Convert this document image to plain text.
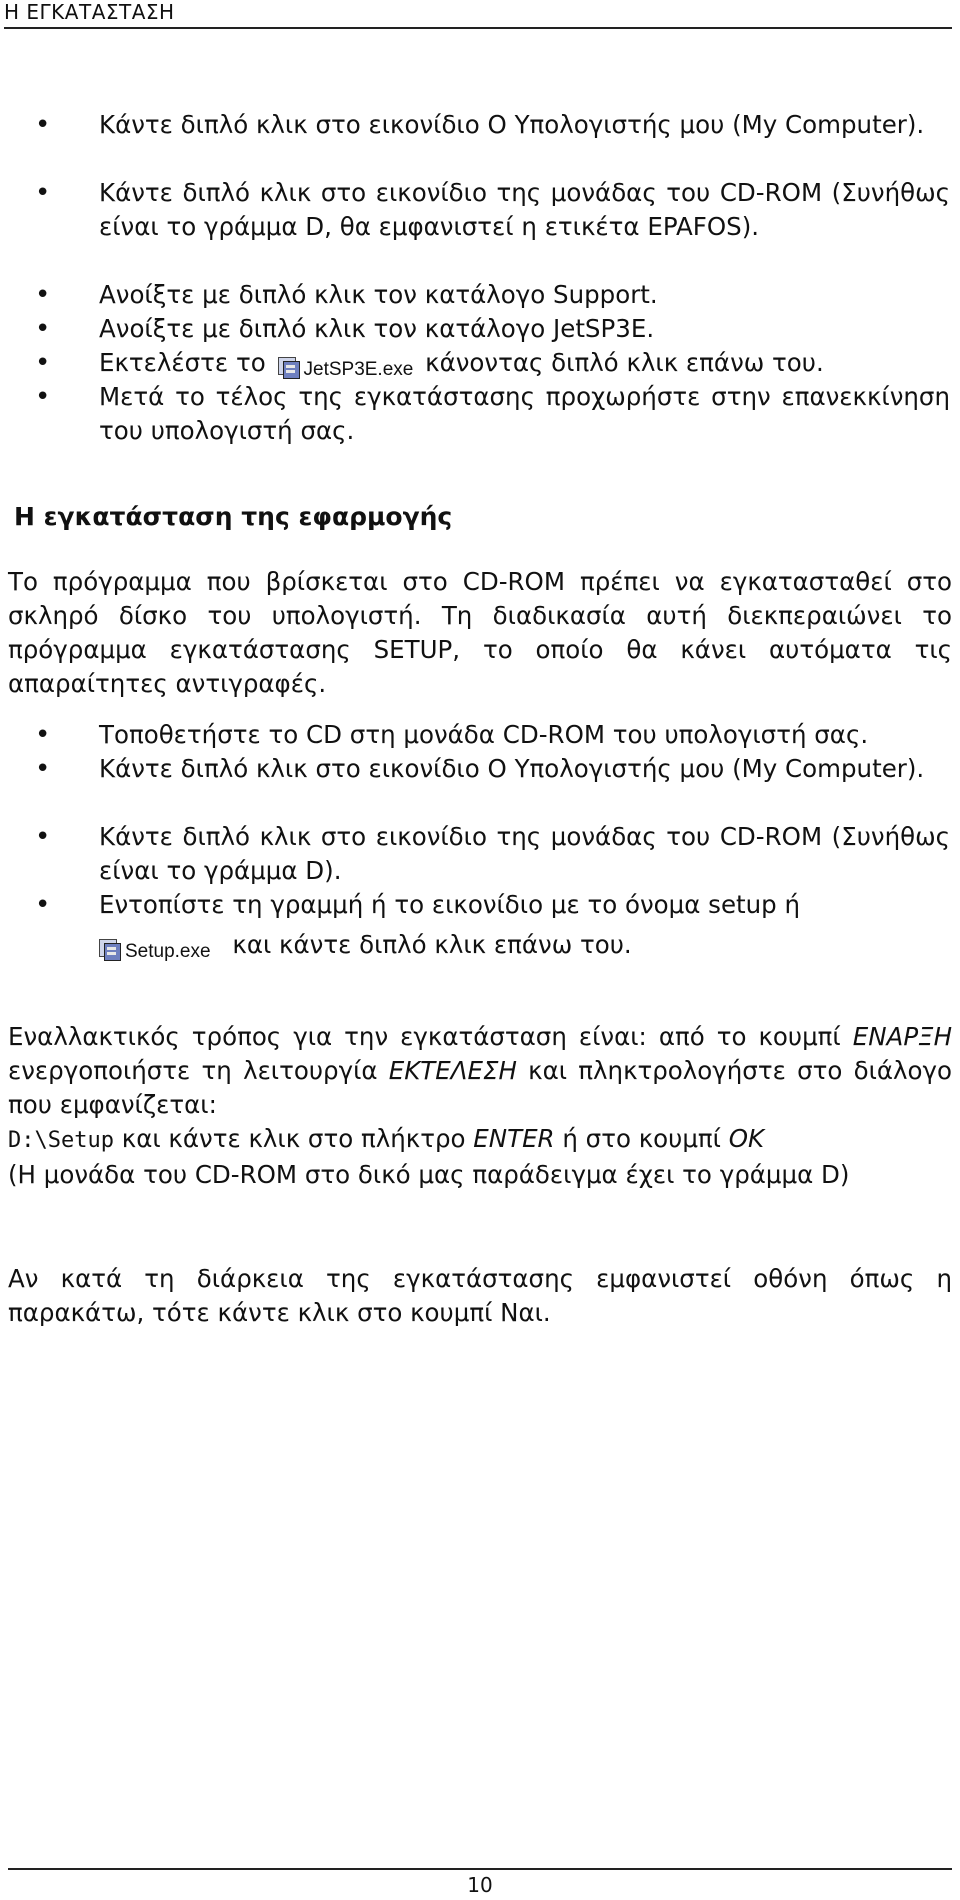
Η ΕΓΚΑΤΑΣΤΑΣΗ
• Κάντε διπλό κλικ στο εικονίδιο Ο Υπολογιστής μου (My Computer).
• Κάντε διπλό κλικ στο εικονίδιο της μονάδας του CD-ROM (Συνήθως είναι το γράμμα D, θα εμφανιστεί η ετικέτα EPAFOS).
• Ανοίξτε με διπλό κλικ τον κατάλογο Support.
• Ανοίξτε με διπλό κλικ τον κατάλογο JetSP3E.
• Εκτελέστε το JetSP3E.exe κάνοντας διπλό κλικ επάνω του.
• Μετά το τέλος της εγκατάστασης προχωρήστε στην επανεκκίνηση του υπολογιστή σας.
Η εγκατάσταση της εφαρμογής
Το πρόγραμμα που βρίσκεται στο CD-ROM πρέπει να εγκατασταθεί στο σκληρό δίσκο του υπολογιστή. Τη διαδικασία αυτή διεκπεραιώνει το πρόγραμμα εγκατάστασης SETUP, το οποίο θα κάνει αυτόματα τις απαραίτητες αντιγραφές.
• Τοποθετήστε το CD στη μονάδα CD-ROM του υπολογιστή σας.
• Κάντε διπλό κλικ στο εικονίδιο Ο Υπολογιστής μου (My Computer).
• Κάντε διπλό κλικ στο εικονίδιο της μονάδας του CD-ROM (Συνήθως είναι το γράμμα D).
• Εντοπίστε τη γραμμή ή το εικονίδιο με το όνομα setup ή
Setup.exe και κάντε διπλό κλικ επάνω του.
Εναλλακτικός τρόπος για την εγκατάσταση είναι: από το κουμπί ΕΝΑΡΞΗ ενεργοποιήστε τη λειτουργία ΕΚΤΕΛΕΣΗ και πληκτρολογήστε στο διάλογο που εμφανίζεται:
D:\Setup και κάντε κλικ στο πλήκτρο ENTER ή στο κουμπί OK
(Η μονάδα του CD-ROM στο δικό μας παράδειγμα έχει το γράμμα D)
Αν κατά τη διάρκεια της εγκατάστασης εμφανιστεί οθόνη όπως η παρακάτω, τότε κάντε κλικ στο κουμπί Ναι.
10
